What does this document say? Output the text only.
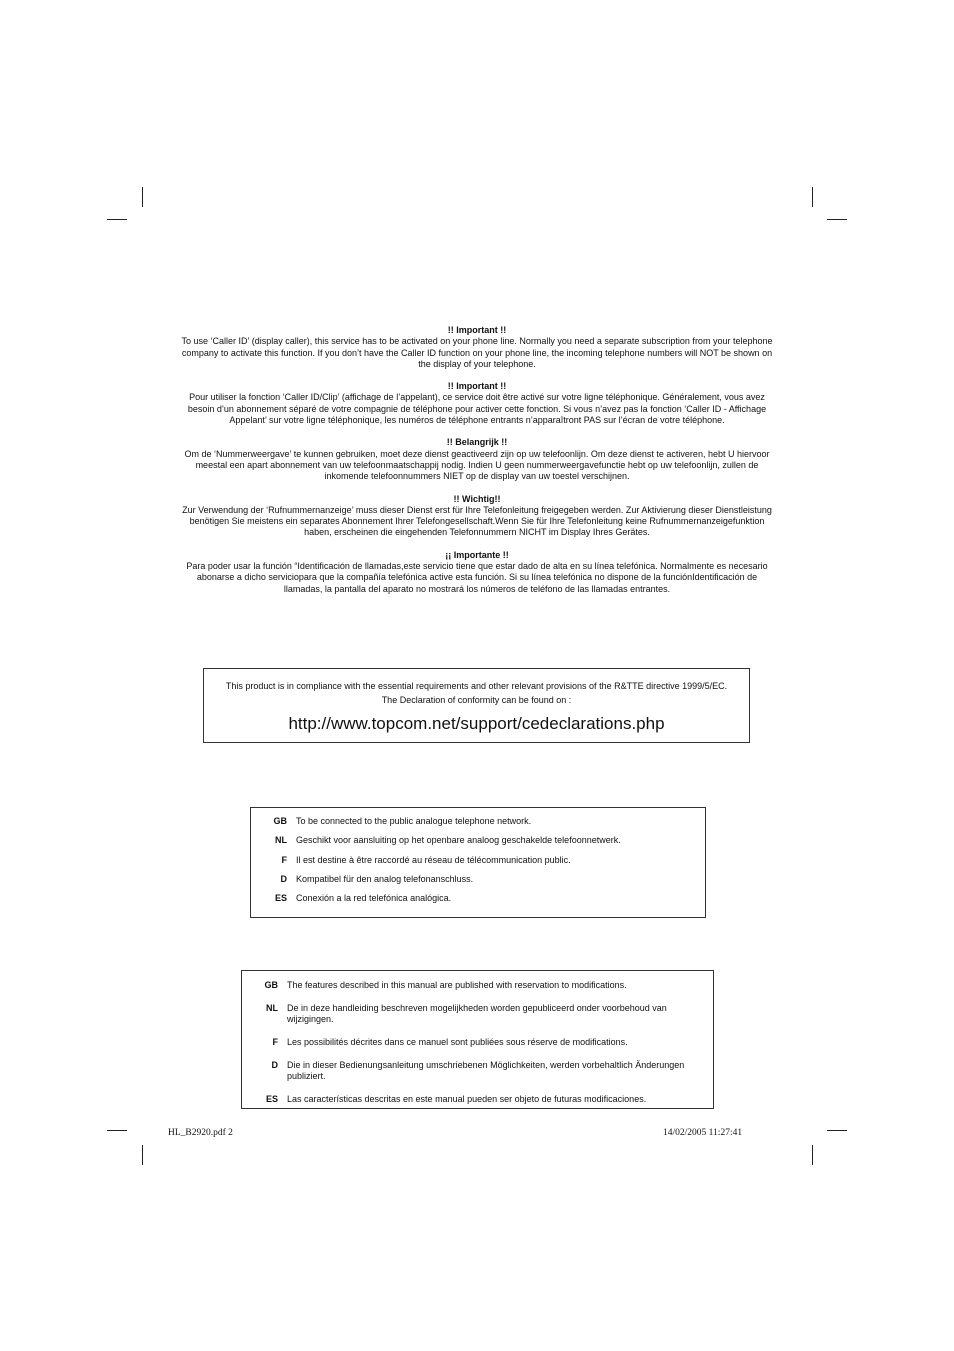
!! Important !!
To use ‘Caller ID’ (display caller), this service has to be activated on your phone line. Normally you need a separate subscription from your telephone company to activate this function. If you don’t have the Caller ID function on your phone line, the incoming telephone numbers will NOT be shown on the display of your telephone.
!! Important !!
Pour utiliser la fonction ‘Caller ID/Clip’ (affichage de l’appelant), ce service doit être activé sur votre ligne téléphonique. Généralement, vous avez besoin d’un abonnement séparé de votre compagnie de téléphone pour activer cette fonction. Si vous n’avez pas la fonction ‘Caller ID - Affichage Appelant’ sur votre ligne téléphonique, les numéros de téléphone entrants n’apparaîtront PAS sur l’écran de votre téléphone.
!! Belangrijk !!
Om de ‘Nummerweergave’ te kunnen gebruiken, moet deze dienst geactiveerd zijn op uw telefoonlijn. Om deze dienst te activeren, hebt U hiervoor meestal een apart abonnement van uw telefoonmaatschappij nodig. Indien U geen nummerweergavefunctie hebt op uw telefoonlijn, zullen de inkomende telefoonnummers NIET op de display van uw toestel verschijnen.
!! Wichtig!!
Zur Verwendung der ‘Rufnummernanzeige’ muss dieser Dienst erst für Ihre Telefonleitung freigegeben werden. Zur Aktivierung dieser Dienstleistung benötigen Sie meistens ein separates Abonnement Ihrer Telefongesellschaft.Wenn Sie für Ihre Telefonleitung keine Rufnummernanzeigefunktion haben, erscheinen die eingehenden Telefonnummern NICHT im Display Ihres Gerätes.
¡¡ Importante !!
Para poder usar la función “Identificación de llamadas,este servicio tiene que estar dado de alta en su línea telefónica. Normalmente es necesario abonarse a dicho serviciopara que la compañía telefónica active esta función. Si su línea telefónica no dispone de la funciónIdentificación de llamadas, la pantalla del aparato no mostrará los números de teléfono de las llamadas entrantes.
This product is in compliance with the essential requirements and other relevant provisions of the R&TTE directive 1999/5/EC.
The Declaration of conformity can be found on :
http://www.topcom.net/support/cedeclarations.php
GB	To be connected to the public analogue telephone network.
NL	Geschikt voor aansluiting op het openbare analoog geschakelde telefoonnetwerk.
F	Il est destine à être raccordé au réseau de télécommunication public.
D	Kompatibel für den analog telefonanschluss.
ES	Conexión a la red telefónica analógica.
GB	The features described in this manual are published with reservation to modifications.
NL	De in deze handleiding beschreven mogelijkheden worden gepubliceerd onder voorbehoud van wijzigingen.
F	Les possibilités décrites dans ce manuel sont publiées sous réserve de modifications.
D	Die in dieser Bedienungsanleitung umschriebenen Möglichkeiten, werden vorbehaltlich Änderungen publiziert.
ES	Las características descritas en este manual pueden ser objeto de futuras modificaciones.
HL_B2920.pdf 2	14/02/2005 11:27:41
